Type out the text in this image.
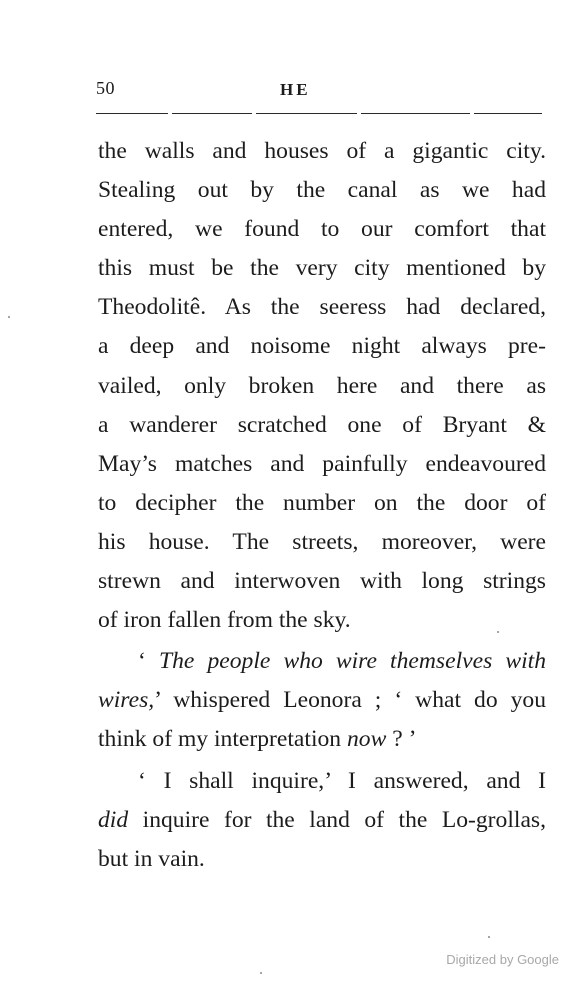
50	HE
the walls and houses of a gigantic city.
Stealing out by the canal as we had
entered, we found to our comfort that
this must be the very city mentioned by
Theodolitê. As the seeress had declared,
a deep and noisome night always pre-
vailed, only broken here and there as
a wanderer scratched one of Bryant &
May’s matches and painfully endeavoured
to decipher the number on the door of
his house. The streets, moreover, were
strewn and interwoven with long strings
of iron fallen from the sky.
‘ The people who wire themselves with
wires,’ whispered Leonora ; ‘ what do you
think of my interpretation now ? ’
‘ I shall inquire,’ I answered, and I
did inquire for the land of the Lo-grollas,
but in vain.
Digitized by Google
